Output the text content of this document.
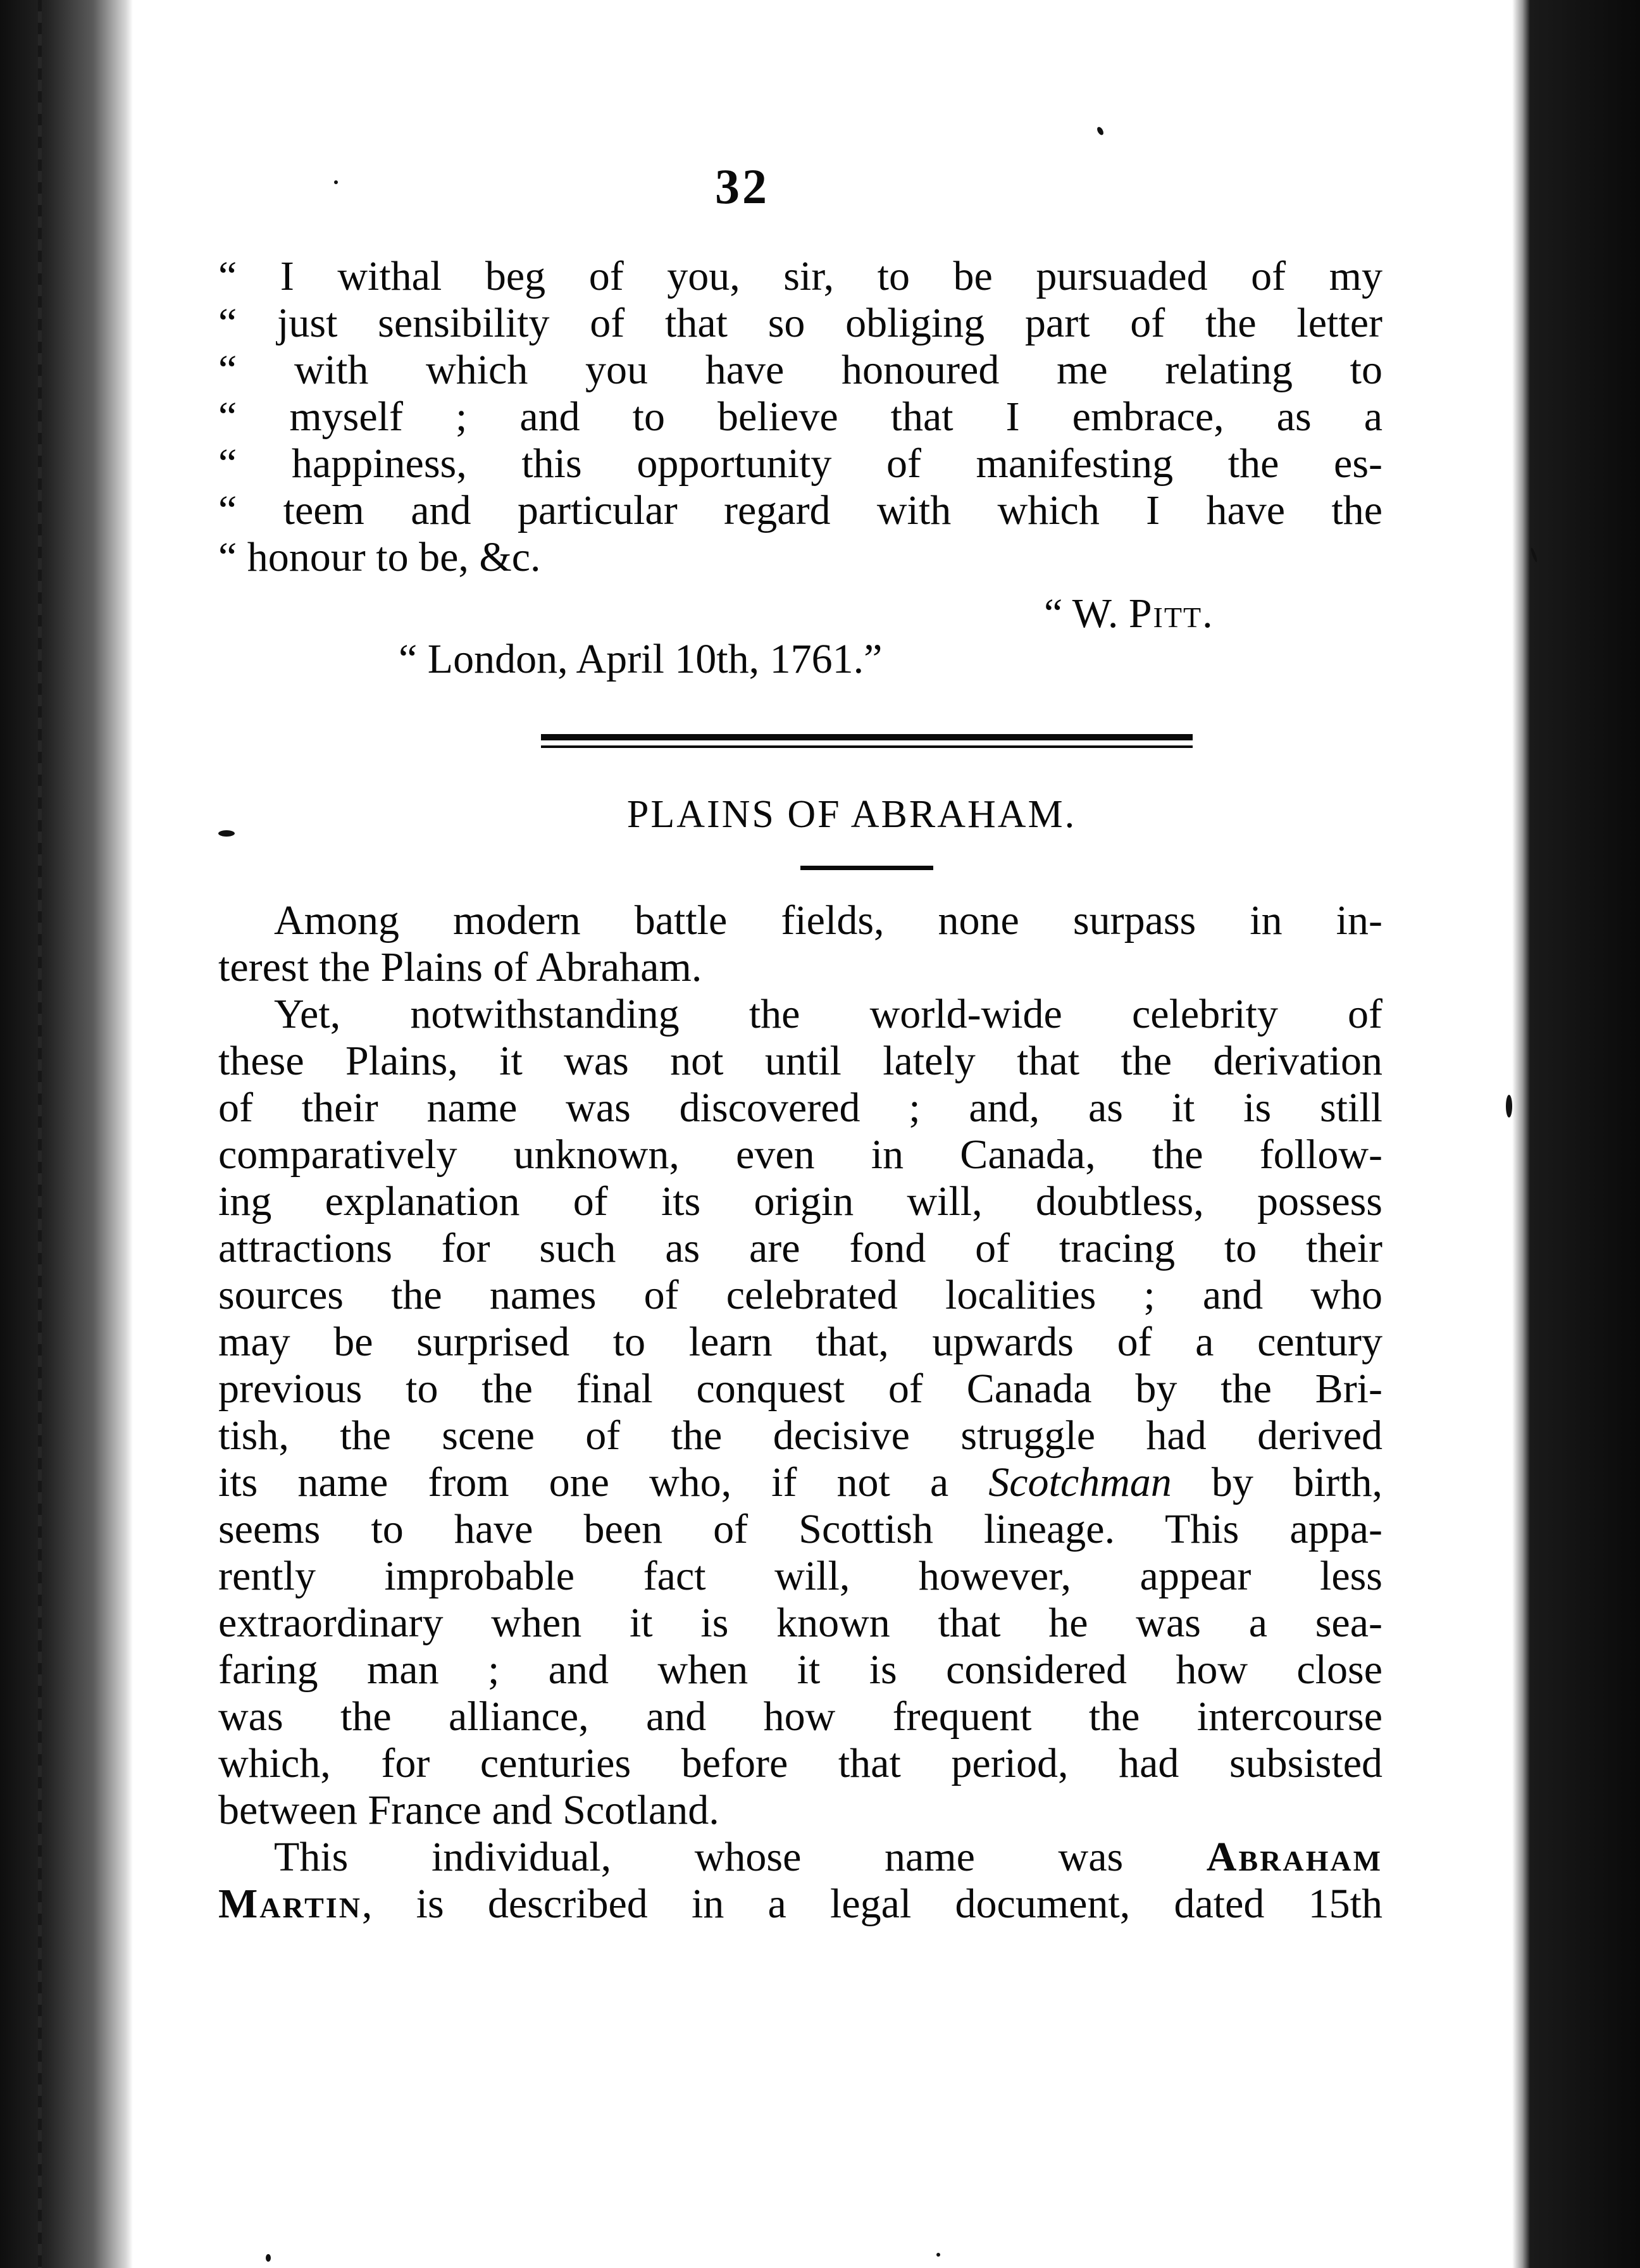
32
“ I withal beg of you, sir, to be pursuaded of my
“ just sensibility of that so obliging part of the letter
“ with which you have honoured me relating to
“ myself ; and to believe that I embrace, as a
“ happiness, this opportunity of manifesting the es-
“ teem and particular regard with which I have the
“ honour to be, &c.
“ W. Pitt.
“ London, April 10th, 1761.”
PLAINS OF ABRAHAM.
Among modern battle fields, none surpass in in-
terest the Plains of Abraham.
Yet, notwithstanding the world-wide celebrity of
these Plains, it was not until lately that the derivation
of their name was discovered ; and, as it is still
comparatively unknown, even in Canada, the follow-
ing explanation of its origin will, doubtless, possess
attractions for such as are fond of tracing to their
sources the names of celebrated localities ; and who
may be surprised to learn that, upwards of a century
previous to the final conquest of Canada by the Bri-
tish, the scene of the decisive struggle had derived
its name from one who, if not a Scotchman by birth,
seems to have been of Scottish lineage. This appa-
rently improbable fact will, however, appear less
extraordinary when it is known that he was a sea-
faring man ; and when it is considered how close
was the alliance, and how frequent the intercourse
which, for centuries before that period, had subsisted
between France and Scotland.
This individual, whose name was Abraham
Martin, is described in a legal document, dated 15th
